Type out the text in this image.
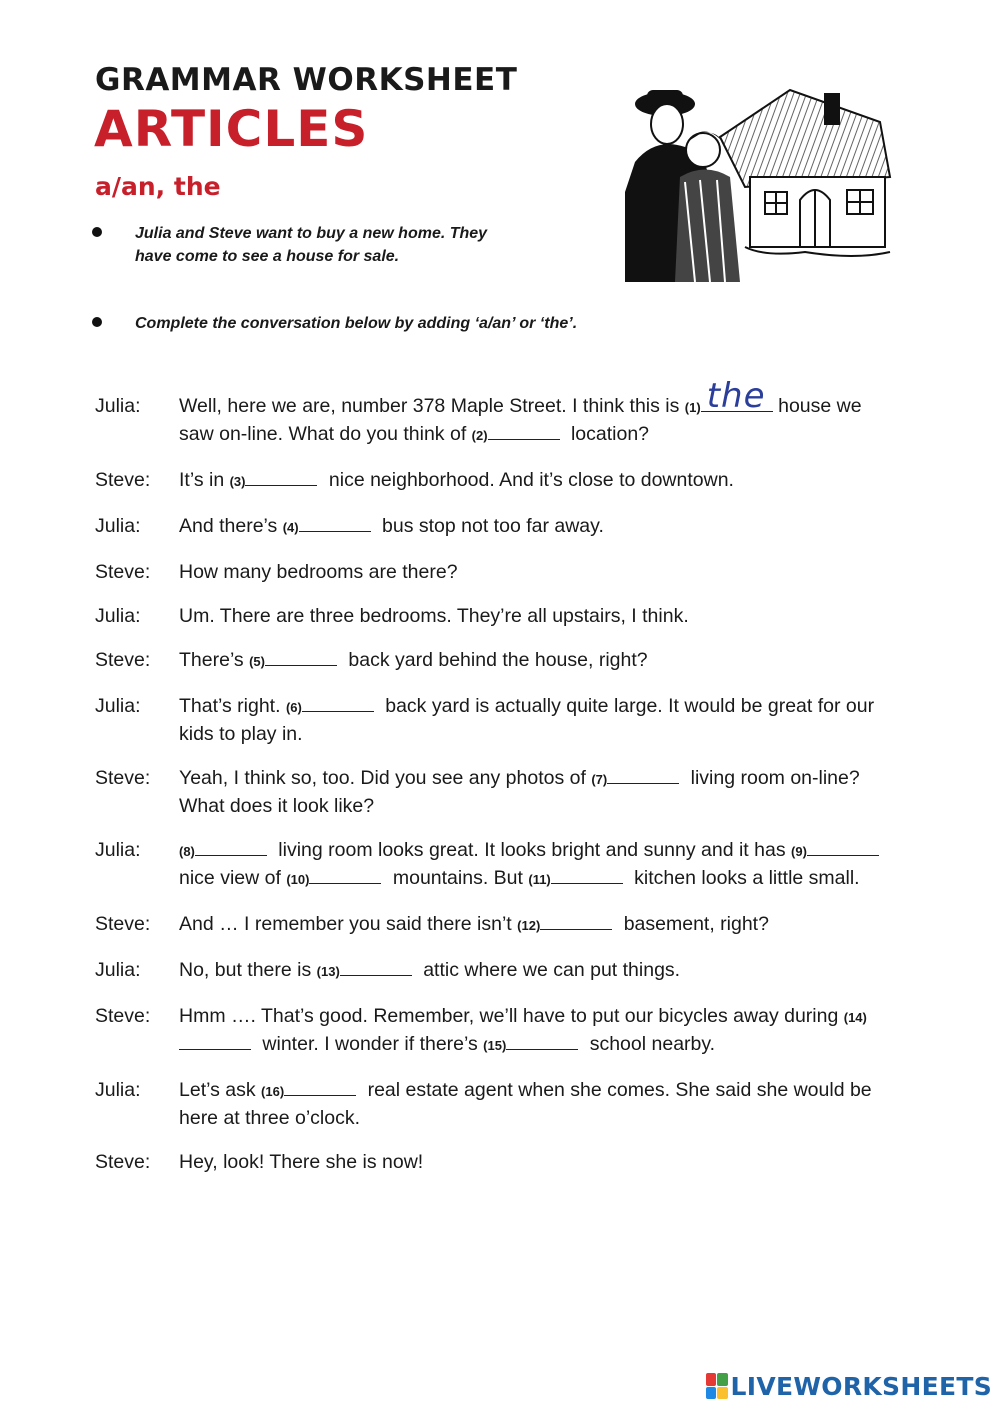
GRAMMAR WORKSHEET
ARTICLES
a/an, the
Julia and Steve want to buy a new home. They have come to see a house for sale.
Complete the conversation below by adding ‘a/an’ or ‘the’.
Julia:	Well, here we are, number 378 Maple Street. I think this is (1) the house we saw on-line. What do you think of (2)	location?
Steve:	It’s in (3)	nice neighborhood. And it’s close to downtown.
Julia:	And there’s (4)	bus stop not too far away.
Steve:	How many bedrooms are there?
Julia:	Um. There are three bedrooms. They’re all upstairs, I think.
Steve:	There’s (5)	back yard behind the house, right?
Julia:	That’s right. (6)	back yard is actually quite large. It would be great for our kids to play in.
Steve:	Yeah, I think so, too. Did you see any photos of (7)	living room on-line? What does it look like?
Julia:	(8)	living room looks great. It looks bright and sunny and it has (9) nice view of (10)	mountains. But (11)	kitchen looks a little small.
Steve:	And … I remember you said there isn’t (12)	basement, right?
Julia:	No, but there is (13)	attic where we can put things.
Steve:	Hmm …. That’s good. Remember, we’ll have to put our bicycles away during (14) winter. I wonder if there’s (15)	school nearby.
Julia:	Let’s ask (16)	real estate agent when she comes. She said she would be here at three o’clock.
Steve:	Hey, look! There she is now!
LIVEWORKSHEETS
